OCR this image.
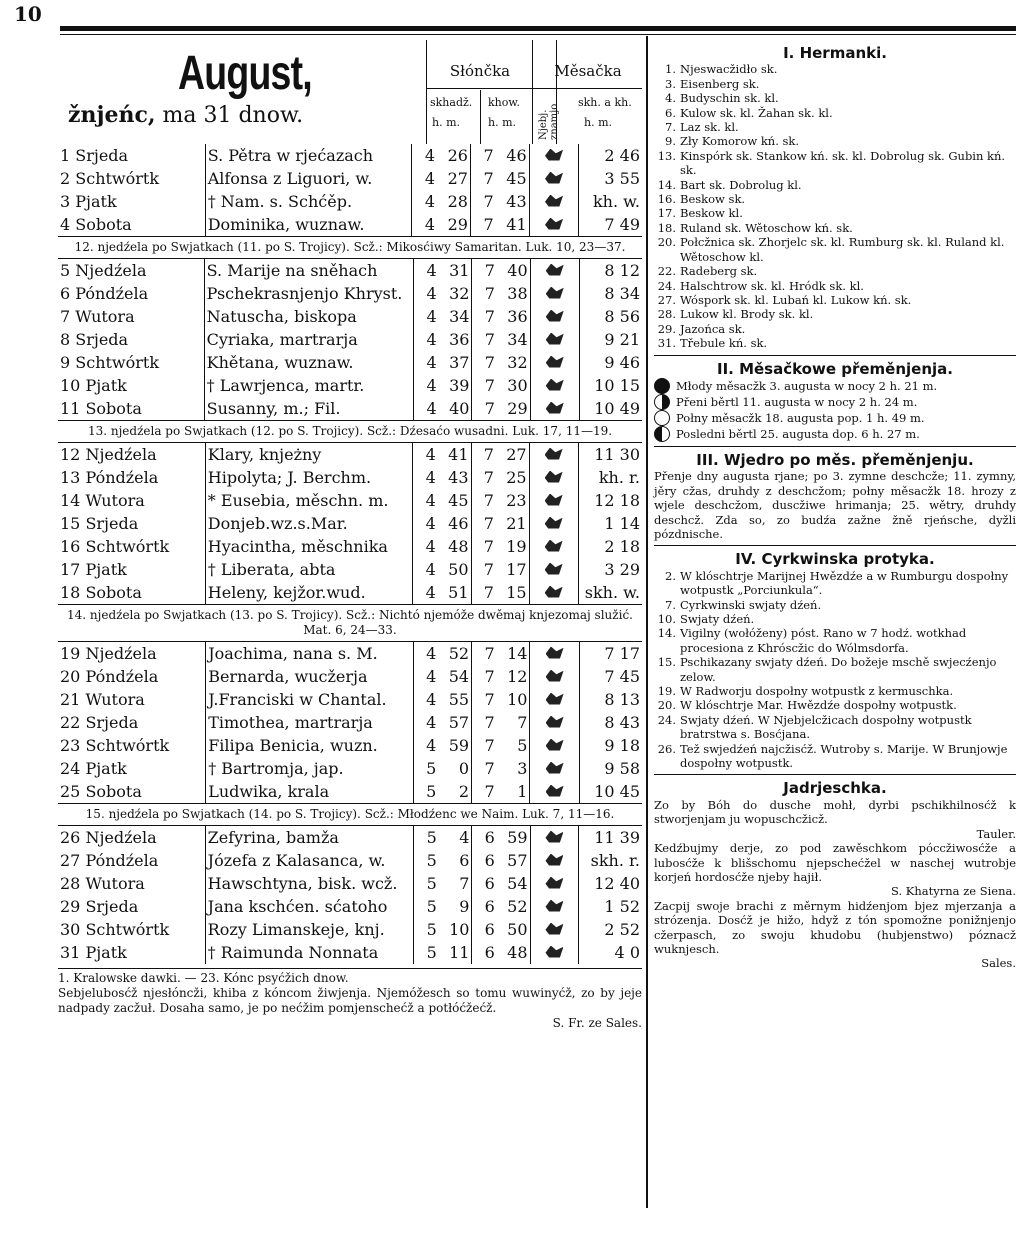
10
August,
žnjeńc, ma 31 dnow.
Słónčka	Měsačka
skhadž. khow.
h. m.	h. m. Njebj. znamjo
skh. a kh.
h. m.
1 Srjeda	S. Pětra w rjećazach	4	26	7	46		2 46
2 Schtwórtk	Alfonsa z Liguori, w.	4	27	7	45		3 55
3 Pjatk	† Nam. s. Schćěp.	4	28	7	43		kh. w.
4 Sobota	Dominika, wuznaw.	4	29	7	41		7 49
12. njedźela po Swjatkach (11. po S. Trojicy). Scž.: Mikosćiwy Samaritan. Luk. 10, 23—37.
5 Njedźela	S. Marije na sněhach	4	31	7	40		8 12
6 Póndźela	Pschekrasnjenjo Khryst.	4	32	7	38		8 34
7 Wutora	Natuscha, biskopa	4	34	7	36		8 56
8 Srjeda	Cyriaka, martrarja	4	36	7	34		9 21
9 Schtwórtk	Khětana, wuznaw.	4	37	7	32		9 46
10 Pjatk	† Lawrjenca, martr.	4	39	7	30		10 15
11 Sobota	Susanny, m.; Fil.	4	40	7	29		10 49
13. njedźela po Swjatkach (12. po S. Trojicy). Scž.: Dźesaćo wusadni. Luk. 17, 11—19.
12 Njedźela	Klary, knjeżny	4	41	7	27		11 30
13 Póndźela	Hipolyta; J. Berchm.	4	43	7	25		kh. r.
14 Wutora	* Eusebia, měschn. m.	4	45	7	23		12 18
15 Srjeda	Donjeb.wz.s.Mar.	4	46	7	21		1 14
16 Schtwórtk	Hyacintha, měschnika	4	48	7	19		2 18
17 Pjatk	† Liberata, abta	4	50	7	17		3 29
18 Sobota	Heleny, kejžor.wud.	4	51	7	15		skh. w.
14. njedźela po Swjatkach (13. po S. Trojicy). Scž.: Nichtó njemóže dwěmaj knjezomaj služić. Mat. 6, 24—33.
19 Njedźela	Joachima, nana s. M.	4	52	7	14		7 17
20 Póndźela	Bernarda, wucžerja	4	54	7	12		7 45
21 Wutora	J.Franciski w Chantal.	4	55	7	10		8 13
22 Srjeda	Timothea, martrarja	4	57	7	7		8 43
23 Schtwórtk	Filipa Benicia, wuzn.	4	59	7	5		9 18
24 Pjatk	† Bartromja, jap.	5	0	7	3		9 58
25 Sobota	Ludwika, krala	5	2	7	1		10 45
15. njedźela po Swjatkach (14. po S. Trojicy). Scž.: Młodźenc we Naim. Luk. 7, 11—16.
26 Njedźela	Zefyrina, bamža	5	4	6	59		11 39
27 Póndźela	Józefa z Kalasanca, w.	5	6	6	57		skh. r.
28 Wutora	Hawschtyna, bisk. wcž.	5	7	6	54		12 40
29 Srjeda	Jana kschćen. sćatoho	5	9	6	52		1 52
30 Schtwórtk	Rozy Limanskeje, knj.	5	10	6	50		2 52
31 Pjatk	† Raimunda Nonnata	5	11	6	48		4 0
1. Kralowske dawki. — 23. Kónc psyćžich dnow.
Sebjelubosćž njesłóncži, khiba z kóncom žiwjenja. Njemóžesch so tomu wuwinyćž, zo by jeje nadpady zacžuł. Dosaha samo, je po nećžim pomjenschećž a potłóćžećž.
S. Fr. ze Sales.
I. Hermanki.
1. Njeswacžidło sk.
3. Eisenberg sk.
4. Budyschin sk. kl.
6. Kulow sk. kl. Žahan sk. kl.
7. Laz sk. kl.
9. Zły Komorow kń. sk.
13. Kinspórk sk. Stankow kń. sk. kl. Dobrolug sk. Gubin kń. sk.
14. Bart sk. Dobrolug kl.
16. Beskow sk.
17. Beskow kl.
18. Ruland sk. Wětoschow kń. sk.
20. Połcžnica sk. Zhorjelc sk. kl. Rumburg sk. kl. Ruland kl. Wětoschow kl.
22. Radeberg sk.
24. Halschtrow sk. kl. Hródk sk. kl.
27. Wóspork sk. kl. Lubań kl. Lukow kń. sk.
28. Lukow kl. Brody sk. kl.
29. Jazońca sk.
31. Třebule kń. sk.
II. Měsačkowe přeměnjenja.
Młody měsacžk 3. augusta w nocy 2 h. 21 m.
Přeni běrtl 11. augusta w nocy 2 h. 24 m.
Połny měsacžk 18. augusta pop. 1 h. 49 m.
Posledni běrtl 25. augusta dop. 6 h. 27 m.
III. Wjedro po měs. přeměnjenju.
Přenje dny augusta rjane; po 3. zymne deschcže; 11. zymny, jěry cžas, druhdy z deschcžom; połny měsacžk 18. hrozy z wjele deschcžom, duscžiwe hrimanja; 25. wětry, druhdy deschcž. Zda so, zo budźa zažne žně rjeńsche, dyžli pózdnische.
IV. Cyrkwinska protyka.
2. W klóschtrje Marijnej Hwězdźe a w Rumburgu dospołny wotpustk „Porciunkula“.
7. Cyrkwinski swjaty dźeń.
10. Swjaty dźeń.
14. Vigilny (wołóženy) póst. Rano w 7 hodź. wotkhad procesiona z Khróscžic do Wólmsdorfa.
15. Pschikazany swjaty dźeń. Do božeje mschě swjecźenjo zelow.
19. W Radworju dospołny wotpustk z kermuschka.
20. W klóschtrje Mar. Hwězdźe dospołny wotpustk.
24. Swjaty dźeń. W Njebjelcžicach dospołny wotpustk bratrstwa s. Bosćjana.
26. Tež swjedźeń najcžisćž. Wutroby s. Marije. W Brunjowje dospołny wotpustk.
Jadrjeschka.
Zo by Bóh do dusche mohł, dyrbi pschikhilnosćž k stworjenjam ju wopuschcžicž.
Tauler.
Kedźbujmy derje, zo pod zawěschkom póccžiwosćže a lubosćže k blišschomu njepschećžel w naschej wutrobje korjeń hordosćže njeby hajił.
S. Khatyrna ze Siena.
Zacpij swoje brachi z měrnym hidźenjom bjez mjerzanja a strózenja. Dosćž je hižo, hdyž z tón spomožne ponižnjenjo cžerpasch, zo swoju khudobu (hubjenstwo) póznacž wuknjesch.
Sales.
